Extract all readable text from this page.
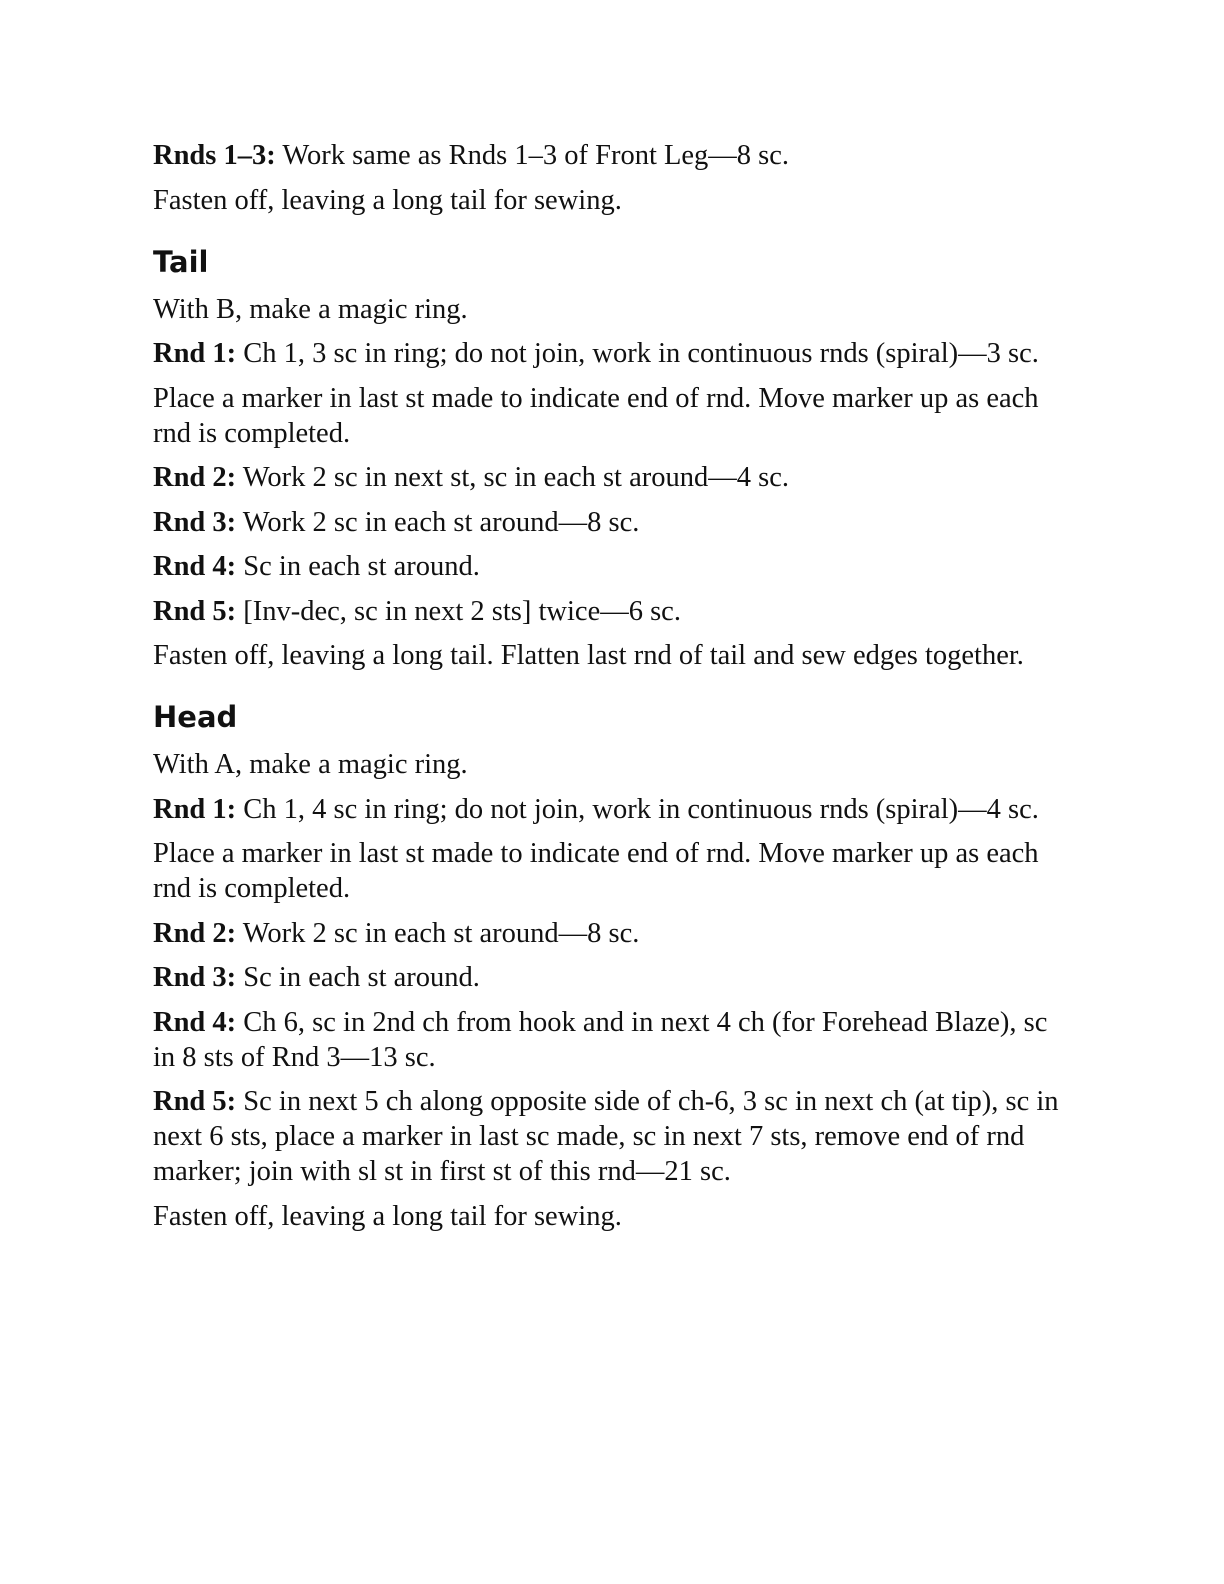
Rnds 1–3: Work same as Rnds 1–3 of Front Leg—8 sc.

Fasten off, leaving a long tail for sewing.

Tail

With B, make a magic ring.

Rnd 1: Ch 1, 3 sc in ring; do not join, work in continuous rnds (spiral)—3 sc.

Place a marker in last st made to indicate end of rnd. Move marker up as each rnd is completed.

Rnd 2: Work 2 sc in next st, sc in each st around—4 sc.

Rnd 3: Work 2 sc in each st around—8 sc.

Rnd 4: Sc in each st around.

Rnd 5: [Inv-dec, sc in next 2 sts] twice—6 sc.

Fasten off, leaving a long tail. Flatten last rnd of tail and sew edges together.

Head

With A, make a magic ring.

Rnd 1: Ch 1, 4 sc in ring; do not join, work in continuous rnds (spiral)—4 sc.

Place a marker in last st made to indicate end of rnd. Move marker up as each rnd is completed.

Rnd 2: Work 2 sc in each st around—8 sc.

Rnd 3: Sc in each st around.

Rnd 4: Ch 6, sc in 2nd ch from hook and in next 4 ch (for Forehead Blaze), sc in 8 sts of Rnd 3—13 sc.

Rnd 5: Sc in next 5 ch along opposite side of ch-6, 3 sc in next ch (at tip), sc in next 6 sts, place a marker in last sc made, sc in next 7 sts, remove end of rnd marker; join with sl st in first st of this rnd—21 sc.

Fasten off, leaving a long tail for sewing.
